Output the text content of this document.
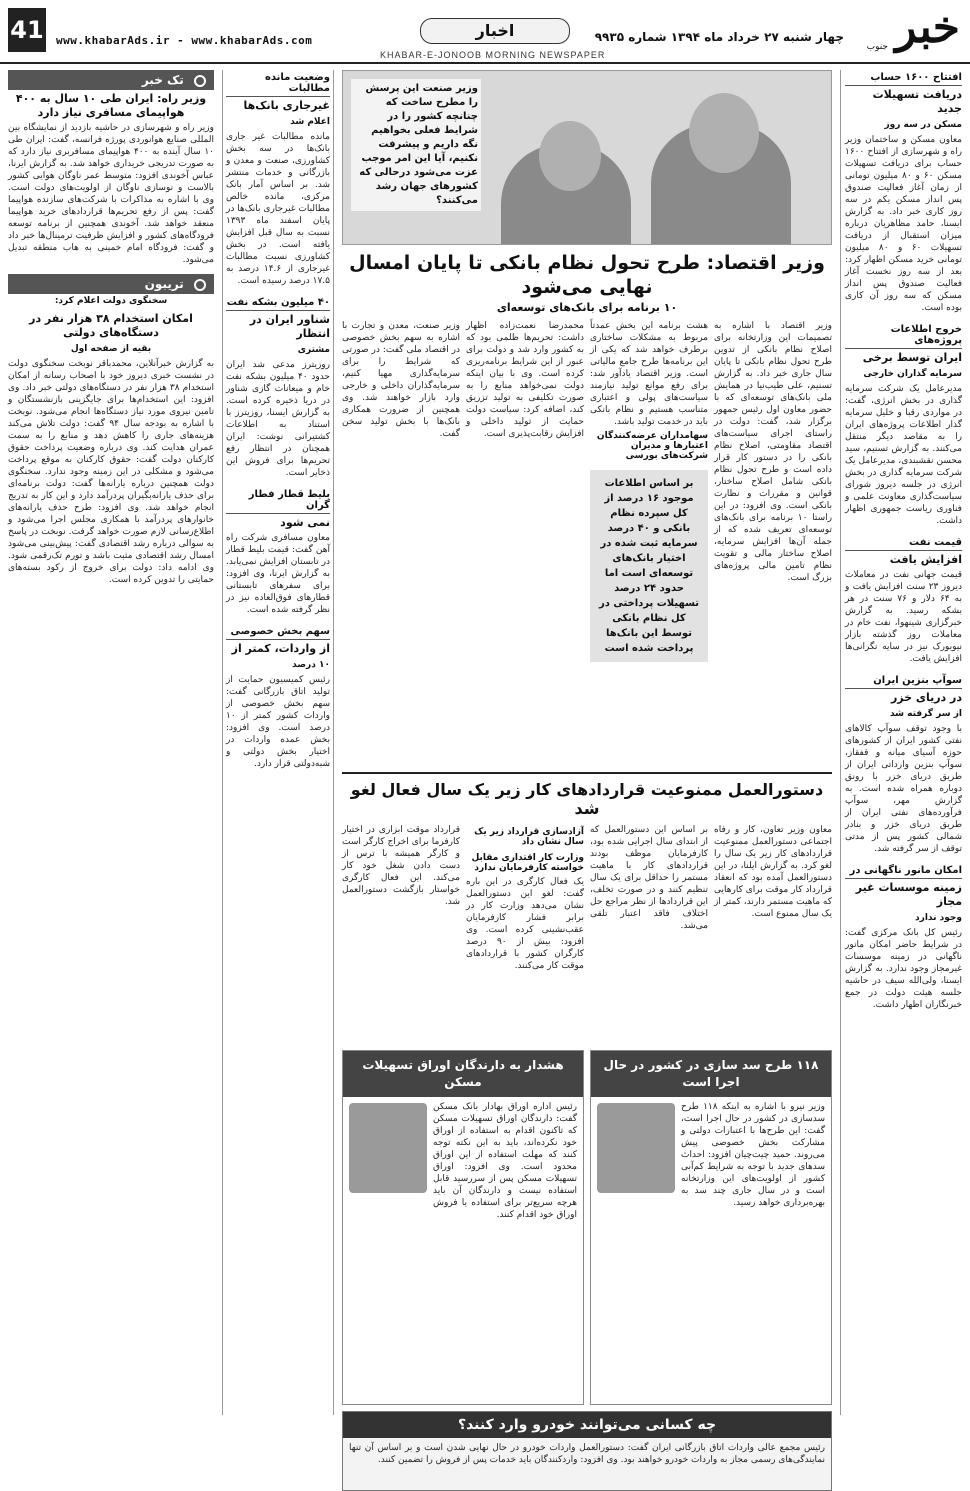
41 www.khabarAds.ir - www.khabarAds.com
اخبار	خبر
جنوب
چهار شنبه ۲۷ خرداد ماه ۱۳۹۴ شماره ۹۹۳۵
KHABAR-E-JONOOB MORNING NEWSPAPER
افتتاح ۱۶۰۰ حساب
دریافت تسهیلات جدید
مسکن در سه روز

معاون مسکن و ساختمان وزیر راه و شهرسازی از افتتاح ۱۶۰۰ حساب برای دریافت تسهیلات مسکن ۶۰ و ۸۰ میلیون تومانی از زمان آغاز فعالیت صندوق پس انداز مسکن یکم در سه روز کاری خبر داد. به گزارش ایسنا، حامد مظاهریان درباره میزان استقبال از دریافت تسهیلات ۶۰ و ۸۰ میلیون تومانی خرید مسکن اظهار کرد: بعد از سه روز نخست آغاز فعالیت صندوق پس انداز مسکن که سه روز آن کاری بوده است.

خروج اطلاعات پروژه‌های
ایران توسط برخی
سرمایه گذاران خارجی

مدیرعامل یک شرکت سرمایه گذاری در بخش انرژی، گفت: در مواردی رقبا و خلیل سرمایه گذار اطلاعات پروژه‌های ایران را به مقاصد دیگر منتقل می‌کنند. به گزارش تسنیم، سید محسن نقشبندی، مدیرعامل یک شرکت سرمایه گذاری در بخش انرژی در جلسه دیروز شورای سیاست‌گذاری معاونت علمی و فناوری ریاست جمهوری اظهار داشت.

قیمت نفت
افزایش یافت

قیمت جهانی نفت در معاملات دیروز ۲۳ سنت افزایش یافت و به ۶۴ دلار و ۷۶ سنت در هر بشکه رسید. به گزارش خبرگزاری شینهوا، نفت خام در معاملات روز گذشته بازار نیویورک نیز در سایه نگرانی‌ها افزایش یافت.

سوآپ بنزین ایران
در دریای خزر
از سر گرفته شد

با وجود توقف سوآپ کالاهای نفتی کشور ایران از کشورهای حوزه آسیای میانه و قفقاز، سوآپ بنزین وارداتی ایران از طریق دریای خزر با رونق دوباره همراه شده است. به گزارش مهر، سوآپ فرآورده‌های نفتی ایران از طریق دریای خزر و بنادر شمالی کشور پس از مدتی توقف از سر گرفته شد.

امکان مانور ناگهانی در
زمینه موسسات غیر مجاز
وجود ندارد

رئیس کل بانک مرکزی گفت: در شرایط حاضر امکان مانور ناگهانی در زمینه موسسات غیرمجاز وجود ندارد. به گزارش ایسنا، ولی‌الله سیف در حاشیه جلسه هیئت دولت در جمع خبرنگاران اظهار داشت.

وزیر صنعت این پرسش را مطرح ساخت که چنانچه کشور را در شرایط فعلی بخواهیم نگه داریم و پیشرفت نکنیم، آیا این امر موجب عزت می‌شود درحالی که کشورهای جهان رشد می‌کنند؟
وزیر اقتصاد: طرح تحول نظام بانکی تا پایان امسال نهایی می‌شود
۱۰ برنامه برای بانک‌های توسعه‌ای

وزیر اقتصاد با اشاره به تصمیمات این وزارتخانه برای اصلاح نظام بانکی از تدوین طرح تحول نظام بانکی تا پایان سال جاری خبر داد. به گزارش تسنیم، علی طیب‌نیا در همایش ملی بانک‌های توسعه‌ای که با حضور معاون اول رئیس جمهور برگزار شد، گفت: دولت در راستای اجرای سیاست‌های اقتصاد مقاومتی، اصلاح نظام بانکی را در دستور کار قرار داده است و طرح تحول نظام بانکی شامل اصلاح ساختار، قوانین و مقررات و نظارت بانکی است. وی افزود: در این راستا ۱۰ برنامه برای بانک‌های توسعه‌ای تعریف شده که از جمله آن‌ها افزایش سرمایه، اصلاح ساختار مالی و تقویت نظام تامین مالی پروژه‌های بزرگ است.

هشت برنامه این بخش عمدتاً مربوط به مشکلات ساختاری برطرف خواهد شد که یکی از این برنامه‌ها طرح جامع مالیاتی است. وزیر اقتصاد یادآور شد: برای رفع موانع تولید نیازمند سیاست‌های پولی و اعتباری متناسب هستیم و نظام بانکی باید در خدمت تولید باشد.

سهامداران عرضه‌کنندگان اعتبار‌ها و مدیران شرکت‌های بورسی
بر اساس اطلاعات موجود ۱۶ درصد از کل سپرده نظام بانکی و ۴۰ درصد سرمایه ثبت شده در اختیار بانک‌های توسعه‌ای است اما حدود ۲۴ درصد تسهیلات پرداختی در کل نظام بانکی توسط این بانک‌ها پرداخت شده است

محمدرضا نعمت‌زاده اظهار داشت: تحریم‌ها ظلمی بود که به کشور وارد شد و دولت برای عبور از این شرایط برنامه‌ریزی کرده است. وی با بیان اینکه دولت نمی‌خواهد منابع را به صورت تکلیفی به تولید تزریق کند، اضافه کرد: سیاست دولت حمایت از تولید داخلی و افزایش رقابت‌پذیری است.

وزیر صنعت، معدن و تجارت با اشاره به سهم بخش خصوصی در اقتصاد ملی گفت: در صورتی که شرایط را برای سرمایه‌گذاری مهیا کنیم، سرمایه‌گذاران داخلی و خارجی وارد بازار خواهند شد. وی همچنین از ضرورت همکاری بانک‌ها با بخش تولید سخن گفت.

دستورالعمل ممنوعیت قراردادهای کار زیر یک سال فعال لغو شد

معاون وزیر تعاون، کار و رفاه اجتماعی دستورالعمل ممنوعیت قراردادهای کار زیر یک سال را لغو کرد. به گزارش ایلنا، در این دستورالعمل آمده بود که انعقاد قرارداد کار موقت برای کارهایی که ماهیت مستمر دارند، کمتر از یک سال ممنوع است.

بر اساس این دستورالعمل که از ابتدای سال اجرایی شده بود، کارفرمایان موظف بودند قراردادهای کار با ماهیت مستمر را حداقل برای یک سال تنظیم کنند و در صورت تخلف، این قراردادها از نظر مراجع حل اختلاف فاقد اعتبار تلقی می‌شد.

آزادسازی قرارداد زیر یک سال نشان داد
وزارت کار اقتداری مقابل خواسته کارفرمایان ندارد

یک فعال کارگری در این باره گفت: لغو این دستورالعمل نشان می‌دهد وزارت کار در برابر فشار کارفرمایان عقب‌نشینی کرده است. وی افزود: بیش از ۹۰ درصد کارگران کشور با قراردادهای موقت کار می‌کنند.

قرارداد موقت ابزاری در اختیار کارفرما برای اخراج کارگر است و کارگر همیشه با ترس از دست دادن شغل خود کار می‌کند. این فعال کارگری خواستار بازگشت دستورالعمل شد.

۱۱۸ طرح سد سازی در کشور در حال اجرا است

وزیر نیرو با اشاره به اینکه ۱۱۸ طرح سدسازی در کشور در حال اجرا است، گفت: این طرح‌ها با اعتبارات دولتی و مشارکت بخش خصوصی پیش می‌روند. حمید چیت‌چیان افزود: احداث سدهای جدید با توجه به شرایط کم‌آبی کشور از اولویت‌های این وزارتخانه است و در سال جاری چند سد به بهره‌برداری خواهد رسید.

هشدار به دارندگان اوراق تسهیلات مسکن

رئیس اداره اوراق بهادار بانک مسکن گفت: دارندگان اوراق تسهیلات مسکن که تاکنون اقدام به استفاده از اوراق خود نکرده‌اند، باید به این نکته توجه کنند که مهلت استفاده از این اوراق محدود است. وی افزود: اوراق تسهیلات مسکن پس از سررسید قابل استفاده نیست و دارندگان آن باید هرچه سریع‌تر برای استفاده یا فروش اوراق خود اقدام کنند.

چه کسانی می‌توانند خودرو وارد کنند؟

رئیس مجمع عالی واردات اتاق بازرگانی ایران گفت: دستورالعمل واردات خودرو در حال نهایی شدن است و بر اساس آن تنها نمایندگی‌های رسمی مجاز به واردات خودرو خواهند بود. وی افزود: واردکنندگان باید خدمات پس از فروش را تضمین کنند.

وضعیت مانده مطالبات
غیرجاری بانک‌ها
اعلام شد

مانده مطالبات غیر جاری بانک‌ها در سه بخش کشاورزی، صنعت و معدن و بازرگانی و خدمات منتشر شد. بر اساس آمار بانک مرکزی، مانده خالص مطالبات غیرجاری بانک‌ها در پایان اسفند ماه ۱۳۹۳ نسبت به سال قبل افزایش یافته است. در بخش کشاورزی نسبت مطالبات غیرجاری از ۱۴.۶ درصد به ۱۷.۵ درصد رسیده است.

۴۰ میلیون بشکه نفت
شناور ایران در انتظار
مشتری

روزیترز مدعی شد ایران حدود ۴۰ میلیون بشکه نفت خام و میعانات گازی شناور در دریا ذخیره کرده است. به گزارش ایسنا، روزیترز با استناد به اطلاعات کشتیرانی نوشت: ایران همچنان در انتظار رفع تحریم‌ها برای فروش این ذخایر است.

بلیط قطار فطار گران
نمی شود

معاون مسافری شرکت راه آهن گفت: قیمت بلیط قطار در تابستان افزایش نمی‌یابد. به گزارش ایرنا، وی افزود: برای سفرهای تابستانی قطارهای فوق‌العاده نیز در نظر گرفته شده است.

سهم بخش خصوصی
از واردات، کمتر از
۱۰ درصد

رئیس کمیسیون حمایت از تولید اتاق بازرگانی گفت: سهم بخش خصوصی از واردات کشور کمتر از ۱۰ درصد است. وی افزود: بخش عمده واردات در اختیار بخش دولتی و شبه‌دولتی قرار دارد.

تک خبر
وزیر راه: ایران طی ۱۰ سال به ۴۰۰ هواپیمای مسافری نیاز دارد

وزیر راه و شهرسازی در حاشیه بازدید از نمایشگاه بین المللی صنایع هوانوردی پورژه فرانسه، گفت: ایران طی ۱۰ سال آینده به ۴۰۰ هواپیمای مسافربری نیاز دارد که به صورت تدریجی خریداری خواهد شد. به گزارش ایرنا، عباس آخوندی افزود: متوسط عمر ناوگان هوایی کشور بالاست و نوسازی ناوگان از اولویت‌های دولت است. وی با اشاره به مذاکرات با شرکت‌های سازنده هواپیما گفت: پس از رفع تحریم‌ها قراردادهای خرید هواپیما منعقد خواهد شد. آخوندی همچنین از برنامه توسعه فرودگاه‌های کشور و افزایش ظرفیت ترمینال‌ها خبر داد و گفت: فرودگاه امام خمینی به هاب منطقه تبدیل می‌شود.

تریبون
سخنگوی دولت اعلام کرد:
امکان استخدام ۳۸ هزار نفر در دستگاه‌های دولتی
بقیه از صفحه اول

به گزارش خبرآنلاین، محمدباقر نوبخت سخنگوی دولت در نشست خبری دیروز خود با اصحاب رسانه از امکان استخدام ۳۸ هزار نفر در دستگاه‌های دولتی خبر داد. وی افزود: این استخدام‌ها برای جایگزینی بازنشستگان و تامین نیروی مورد نیاز دستگاه‌ها انجام می‌شود. نوبخت با اشاره به بودجه سال ۹۴ گفت: دولت تلاش می‌کند هزینه‌های جاری را کاهش دهد و منابع را به سمت عمران هدایت کند. وی درباره وضعیت پرداخت حقوق کارکنان دولت گفت: حقوق کارکنان به موقع پرداخت می‌شود و مشکلی در این زمینه وجود ندارد. سخنگوی دولت همچنین درباره یارانه‌ها گفت: دولت برنامه‌ای برای حذف یارانه‌بگیران پردرآمد دارد و این کار به تدریج انجام خواهد شد. وی افزود: طرح حذف یارانه‌های خانوارهای پردرآمد با همکاری مجلس اجرا می‌شود و اطلاع‌رسانی لازم صورت خواهد گرفت. نوبخت در پاسخ به سوالی درباره رشد اقتصادی گفت: پیش‌بینی می‌شود امسال رشد اقتصادی مثبت باشد و تورم تک‌رقمی شود. وی ادامه داد: دولت برای خروج از رکود بسته‌های حمایتی را تدوین کرده است.
